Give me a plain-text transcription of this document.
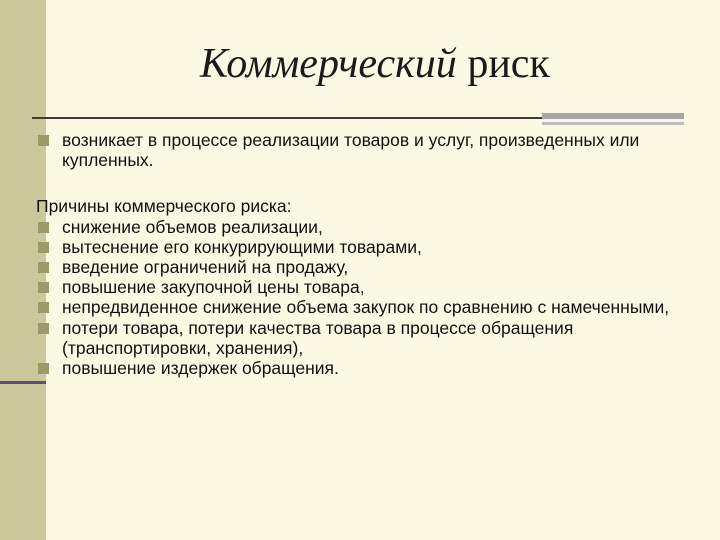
Коммерческий риск
возникает в процессе реализации товаров и услуг, произведенных или купленных.

Причины коммерческого риска:

снижение объемов реализации,
вытеснение его конкурирующими товарами,
введение ограничений на продажу,
повышение закупочной цены товара,
непредвиденное снижение объема закупок по сравнению с намеченными,
потери товара, потери качества товара в процессе обращения (транспортировки, хранения),
повышение издержек обращения.
